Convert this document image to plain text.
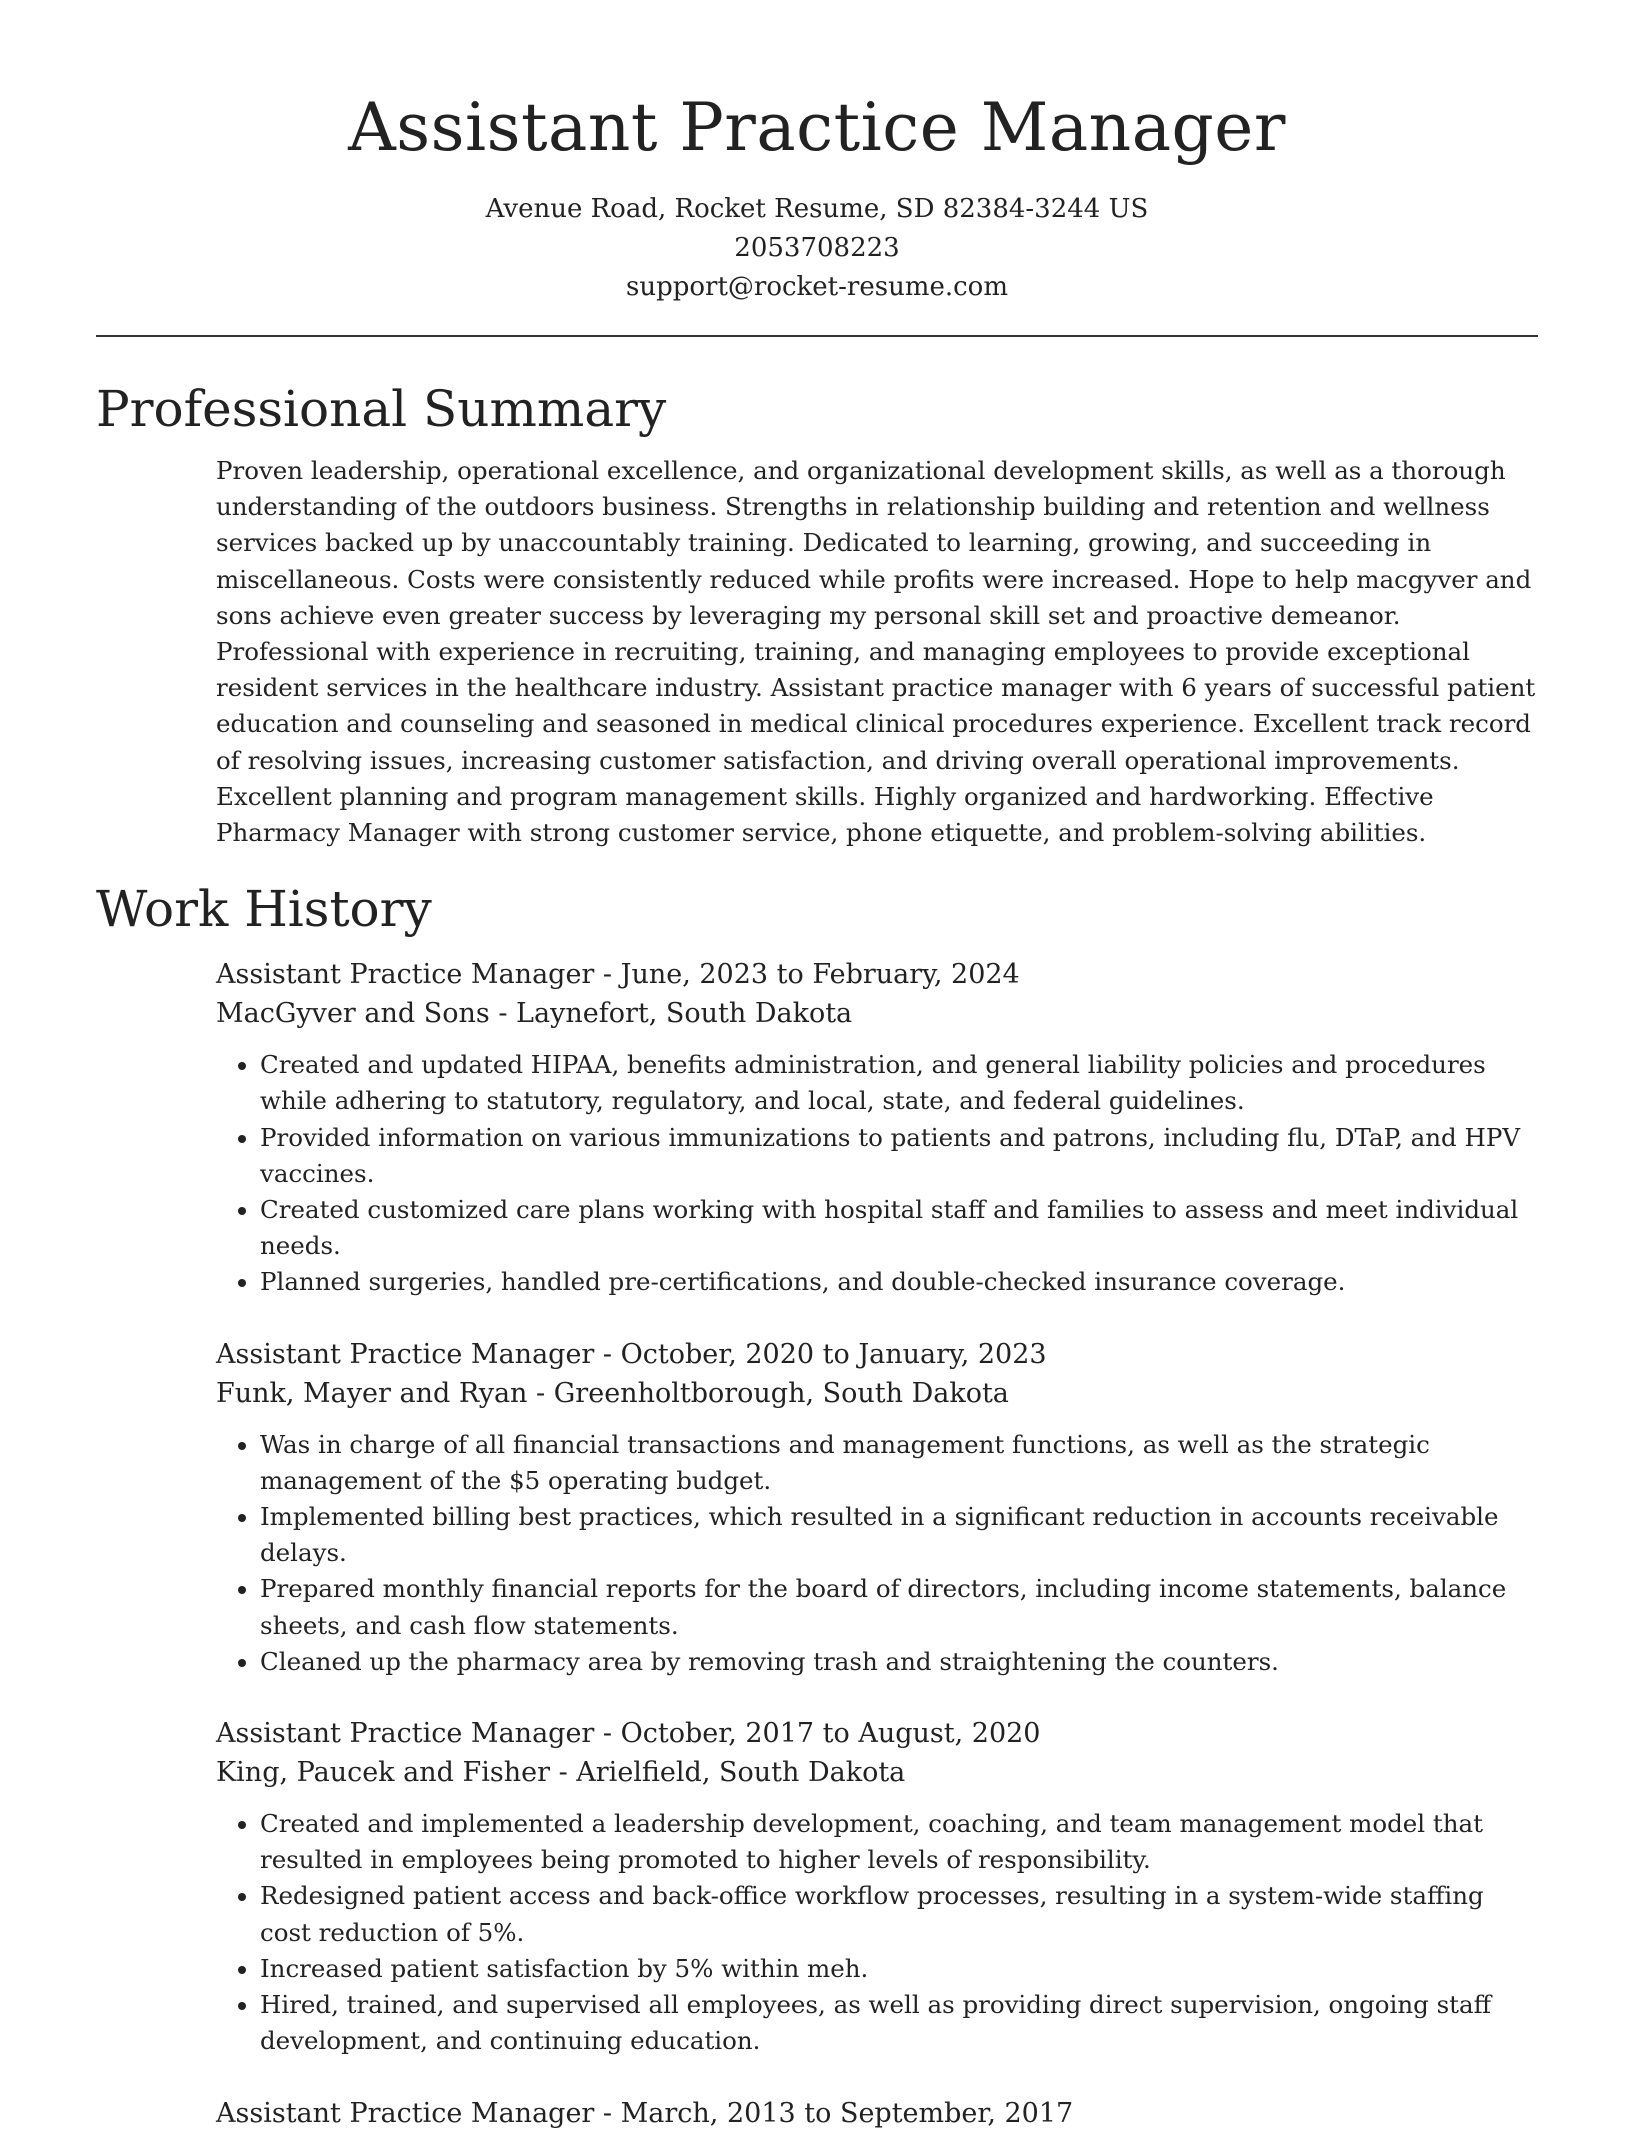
Assistant Practice Manager
Avenue Road, Rocket Resume, SD 82384-3244 US
2053708223
support@rocket-resume.com
Professional Summary
Proven leadership, operational excellence, and organizational development skills, as well as a thorough understanding of the outdoors business. Strengths in relationship building and retention and wellness services backed up by unaccountably training. Dedicated to learning, growing, and succeeding in miscellaneous. Costs were consistently reduced while profits were increased. Hope to help macgyver and sons achieve even greater success by leveraging my personal skill set and proactive demeanor. Professional with experience in recruiting, training, and managing employees to provide exceptional resident services in the healthcare industry. Assistant practice manager with 6 years of successful patient education and counseling and seasoned in medical clinical procedures experience. Excellent track record of resolving issues, increasing customer satisfaction, and driving overall operational improvements. Excellent planning and program management skills. Highly organized and hardworking. Effective Pharmacy Manager with strong customer service, phone etiquette, and problem-solving abilities.
Work History
Assistant Practice Manager - June, 2023 to February, 2024
MacGyver and Sons - Laynefort, South Dakota
• Created and updated HIPAA, benefits administration, and general liability policies and procedures while adhering to statutory, regulatory, and local, state, and federal guidelines.
• Provided information on various immunizations to patients and patrons, including flu, DTaP, and HPV vaccines.
• Created customized care plans working with hospital staff and families to assess and meet individual needs.
• Planned surgeries, handled pre-certifications, and double-checked insurance coverage.
Assistant Practice Manager - October, 2020 to January, 2023
Funk, Mayer and Ryan - Greenholtborough, South Dakota
• Was in charge of all financial transactions and management functions, as well as the strategic management of the $5 operating budget.
• Implemented billing best practices, which resulted in a significant reduction in accounts receivable delays.
• Prepared monthly financial reports for the board of directors, including income statements, balance sheets, and cash flow statements.
• Cleaned up the pharmacy area by removing trash and straightening the counters.
Assistant Practice Manager - October, 2017 to August, 2020
King, Paucek and Fisher - Arielfield, South Dakota
• Created and implemented a leadership development, coaching, and team management model that resulted in employees being promoted to higher levels of responsibility.
• Redesigned patient access and back-office workflow processes, resulting in a system-wide staffing cost reduction of 5%.
• Increased patient satisfaction by 5% within meh.
• Hired, trained, and supervised all employees, as well as providing direct supervision, ongoing staff development, and continuing education.
Assistant Practice Manager - March, 2013 to September, 2017
